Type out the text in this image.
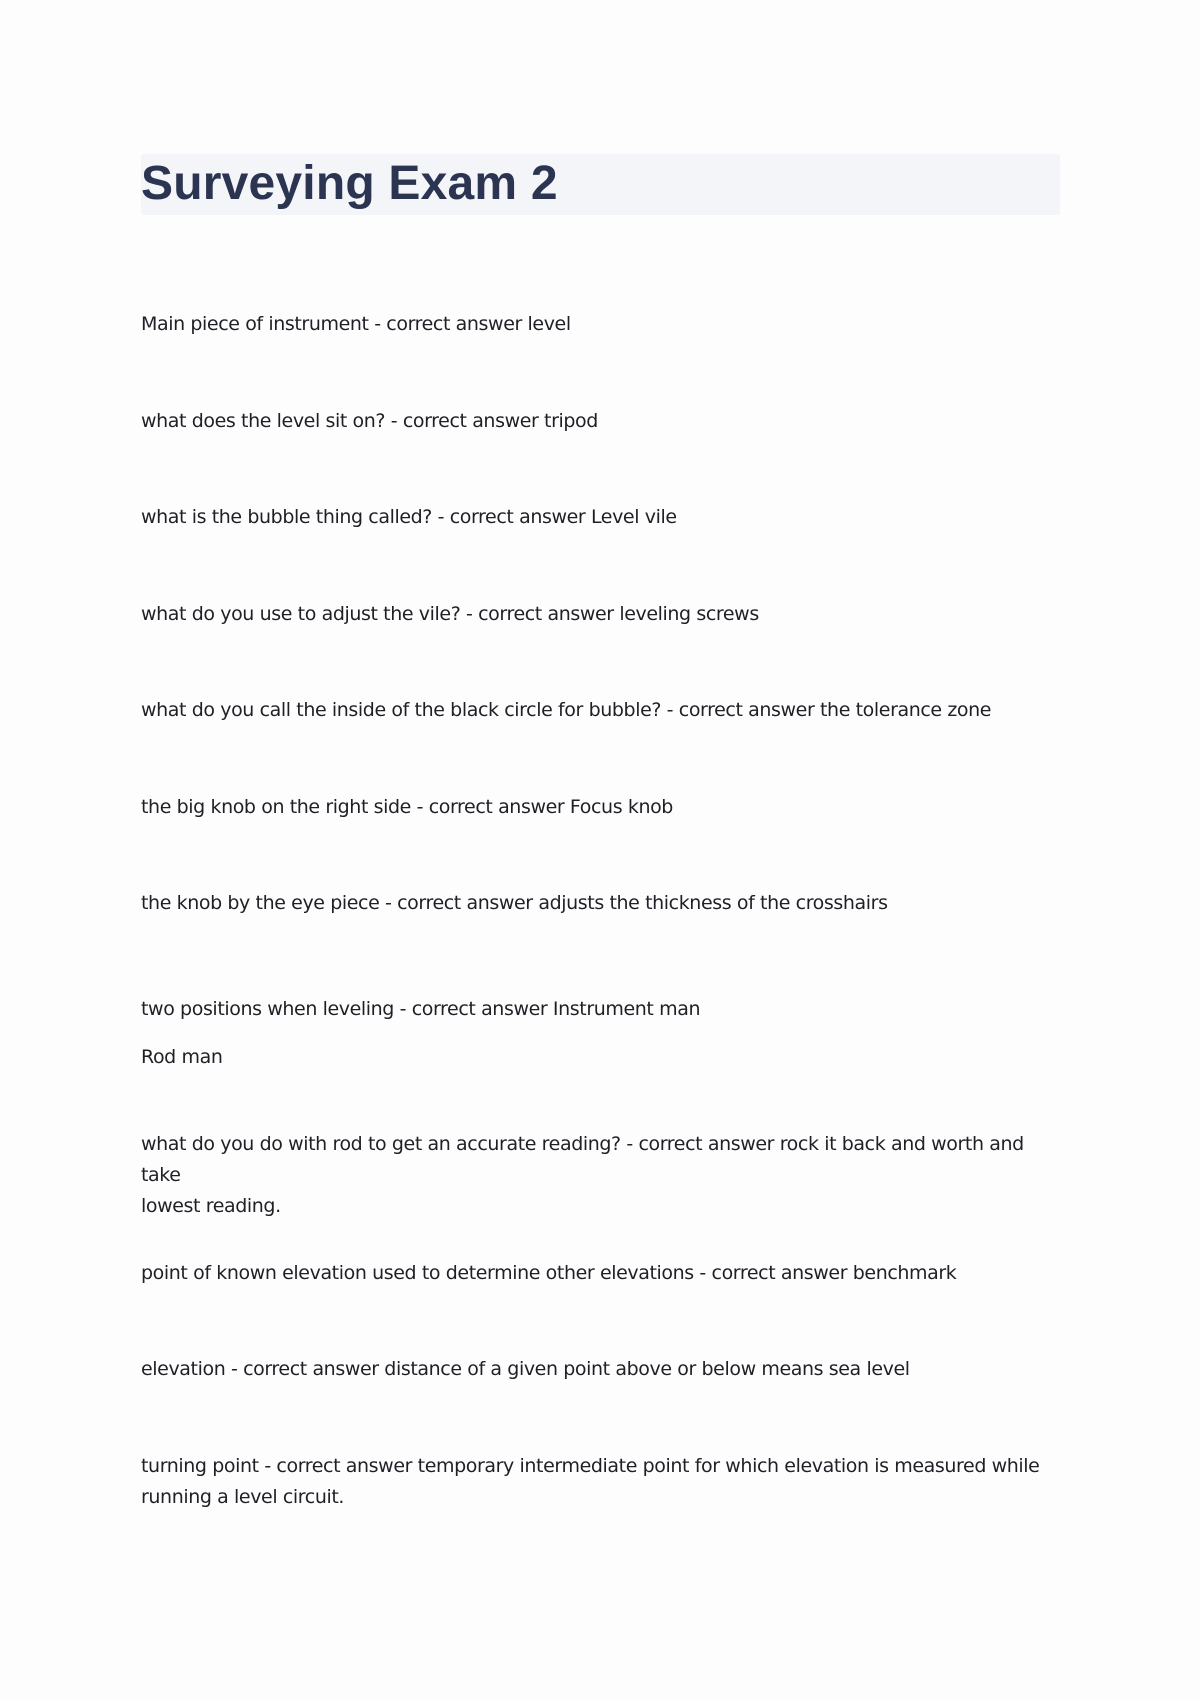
Surveying Exam 2

Main piece of instrument - correct answer level

what does the level sit on? - correct answer tripod

what is the bubble thing called? - correct answer Level vile

what do you use to adjust the vile? - correct answer leveling screws

what do you call the inside of the black circle for bubble? - correct answer the tolerance zone

the big knob on the right side - correct answer Focus knob

the knob by the eye piece - correct answer adjusts the thickness of the crosshairs

two positions when leveling - correct answer Instrument man
Rod man

what do you do with rod to get an accurate reading? - correct answer rock it back and worth and take
lowest reading.

point of known elevation used to determine other elevations - correct answer benchmark

elevation - correct answer distance of a given point above or below means sea level

turning point - correct answer temporary intermediate point for which elevation is measured while
running a level circuit.
